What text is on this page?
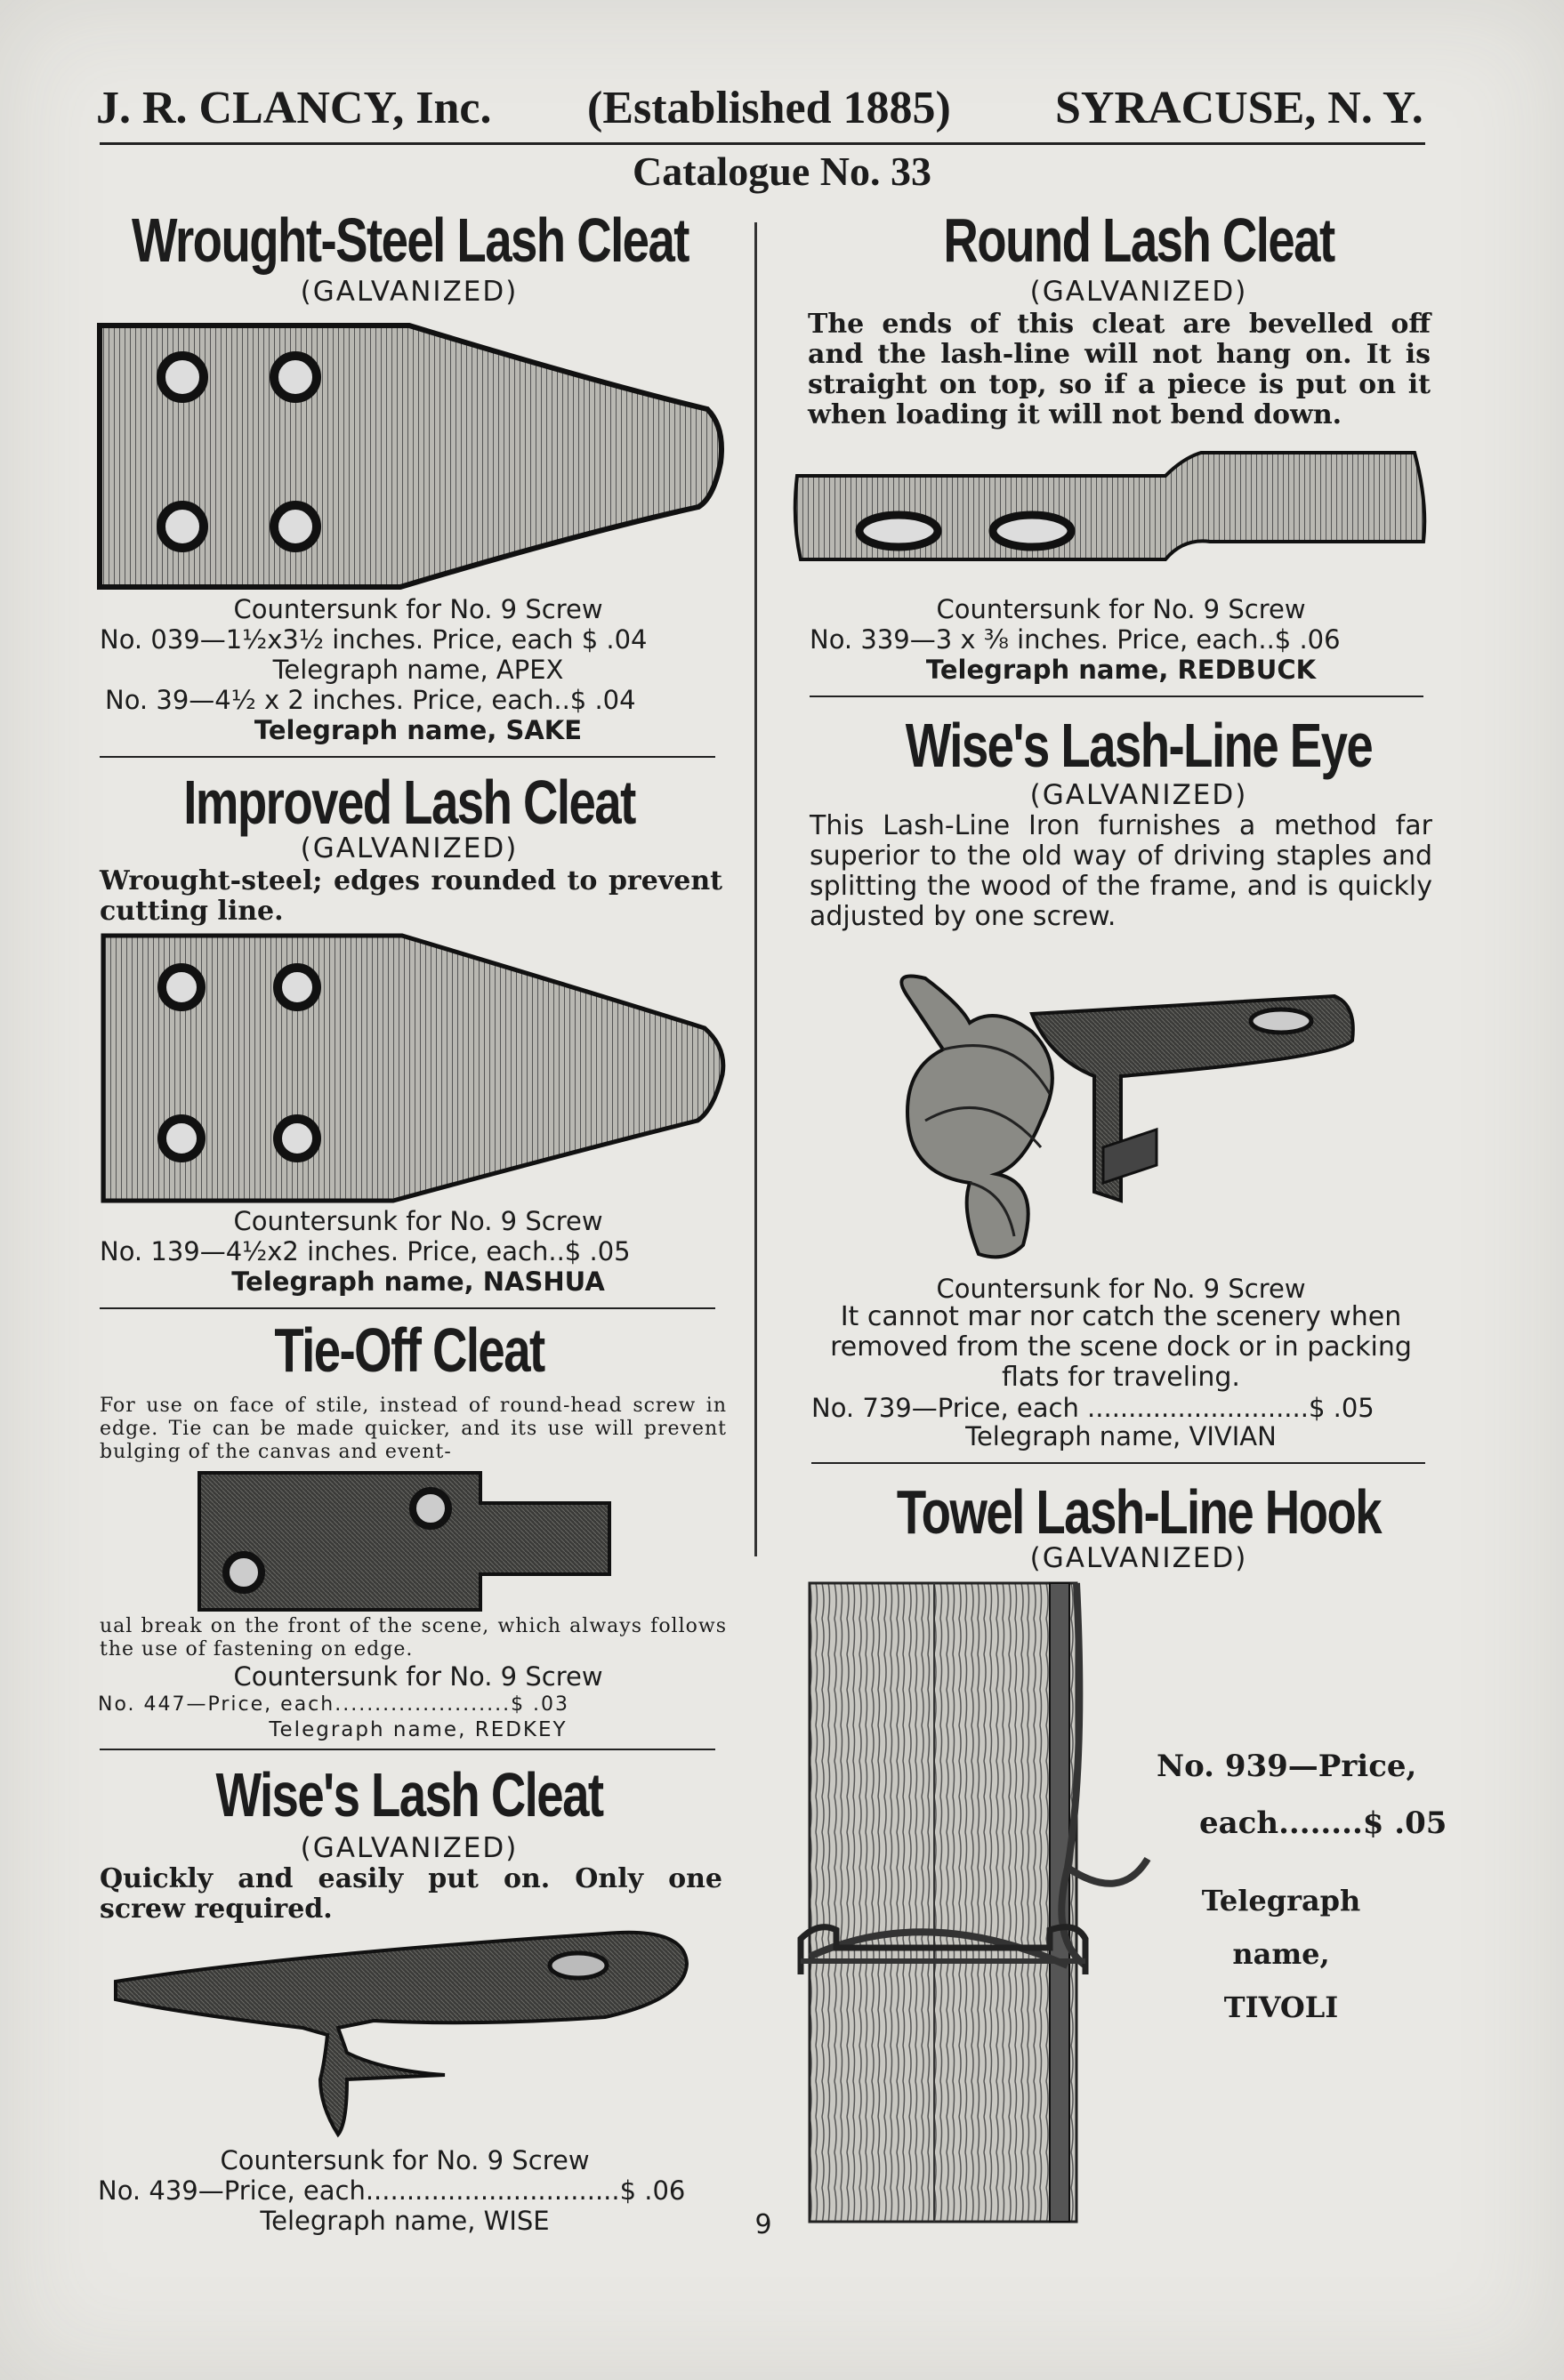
J. R. CLANCY, Inc. (Established 1885) SYRACUSE, N. Y.
Catalogue No. 33
Wrought-Steel Lash Cleat
(GALVANIZED)
Countersunk for No. 9 Screw
No. 039—1½x3½ inches. Price, each $ .04
Telegraph name, APEX
No. 39—4½ x 2 inches. Price, each..$ .04
Telegraph name, SAKE
Improved Lash Cleat
(GALVANIZED)
Wrought-steel; edges rounded to prevent cutting line.
Countersunk for No. 9 Screw
No. 139—4½x2 inches. Price, each..$ .05
Telegraph name, NASHUA
Tie-Off Cleat
For use on face of stile, instead of round-head screw in edge. Tie can be made quicker, and its use will prevent bulging of the canvas and event-
ual break on the front of the scene, which always follows the use of fastening on edge.
Countersunk for No. 9 Screw
No. 447—Price, each......................$ .03
Telegraph name, REDKEY
Wise's Lash Cleat
(GALVANIZED)
Quickly and easily put on. Only one screw required.
Countersunk for No. 9 Screw
No. 439—Price, each...............................$ .06
Telegraph name, WISE
Round Lash Cleat
(GALVANIZED)
The ends of this cleat are bevelled off and the lash-line will not hang on. It is straight on top, so if a piece is put on it when loading it will not bend down.
Countersunk for No. 9 Screw
No. 339—3 x ⅜ inches. Price, each..$ .06
Telegraph name, REDBUCK
Wise's Lash-Line Eye
(GALVANIZED)
This Lash-Line Iron furnishes a method far superior to the old way of driving staples and splitting the wood of the frame, and is quickly adjusted by one screw.
Countersunk for No. 9 Screw
It cannot mar nor catch the scenery when removed from the scene dock or in packing flats for traveling.
No. 739—Price, each ...........................$ .05
Telegraph name, VIVIAN
Towel Lash-Line Hook
(GALVANIZED)
No. 939—Price,
each........$ .05
Telegraph
name,
TIVOLI
9
